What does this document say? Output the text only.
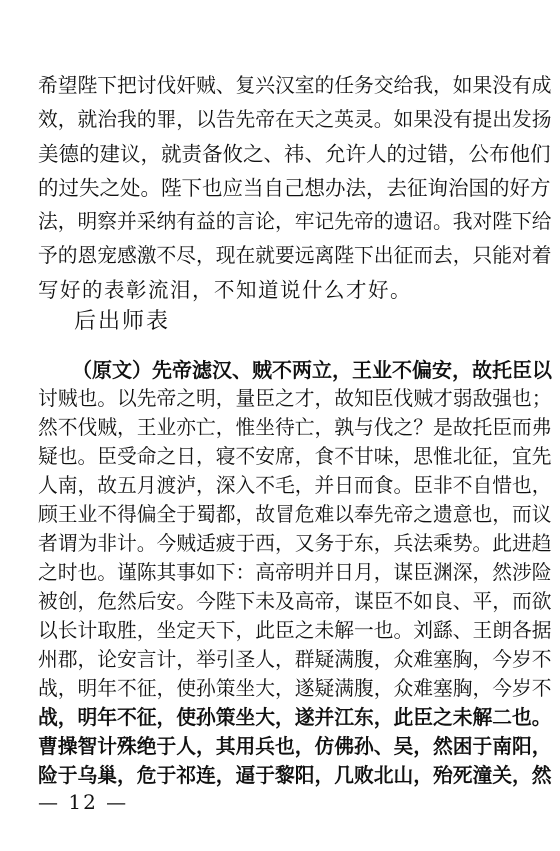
希望陛下把讨伐奸贼、复兴汉室的任务交给我，如果没有成
效，就治我的罪，以告先帝在天之英灵。如果没有提出发扬
美德的建议，就责备攸之、祎、允许人的过错，公布他们
的过失之处。陛下也应当自己想办法，去征询治国的好方
法，明察并采纳有益的言论，牢记先帝的遗诏。我对陛下给
予的恩宠感激不尽，现在就要远离陛下出征而去，只能对着
写好的表彰流泪，不知道说什么才好。
后出师表
（原文）先帝滤汉、贼不两立，王业不偏安，故托臣以
讨贼也。以先帝之明，量臣之才，故知臣伐贼才弱敌强也；
然不伐贼，王业亦亡，惟坐待亡，孰与伐之？是故托臣而弗
疑也。臣受命之日，寝不安席，食不甘味，思惟北征，宜先
人南，故五月渡泸，深入不毛，并日而食。臣非不自惜也，
顾王业不得偏全于蜀都，故冒危难以奉先帝之遗意也，而议
者谓为非计。今贼适疲于西，又务于东，兵法乘势。此进趋
之时也。谨陈其事如下：高帝明并日月，谋臣渊深，然涉险
被创，危然后安。今陛下未及高帝，谋臣不如良、平，而欲
以长计取胜，坐定天下，此臣之未解一也。刘繇、王朗各据
州郡，论安言计，举引圣人，群疑满腹，众难塞胸，今岁不
战，明年不征，使孙策坐大，遂疑满腹，众难塞胸，今岁不
战，明年不征，使孙策坐大，遂并江东，此臣之未解二也。
曹操智计殊绝于人，其用兵也，仿佛孙、吴，然困于南阳，
险于乌巢，危于祁连，逼于黎阳，几败北山，殆死潼关，然
— 12 —
